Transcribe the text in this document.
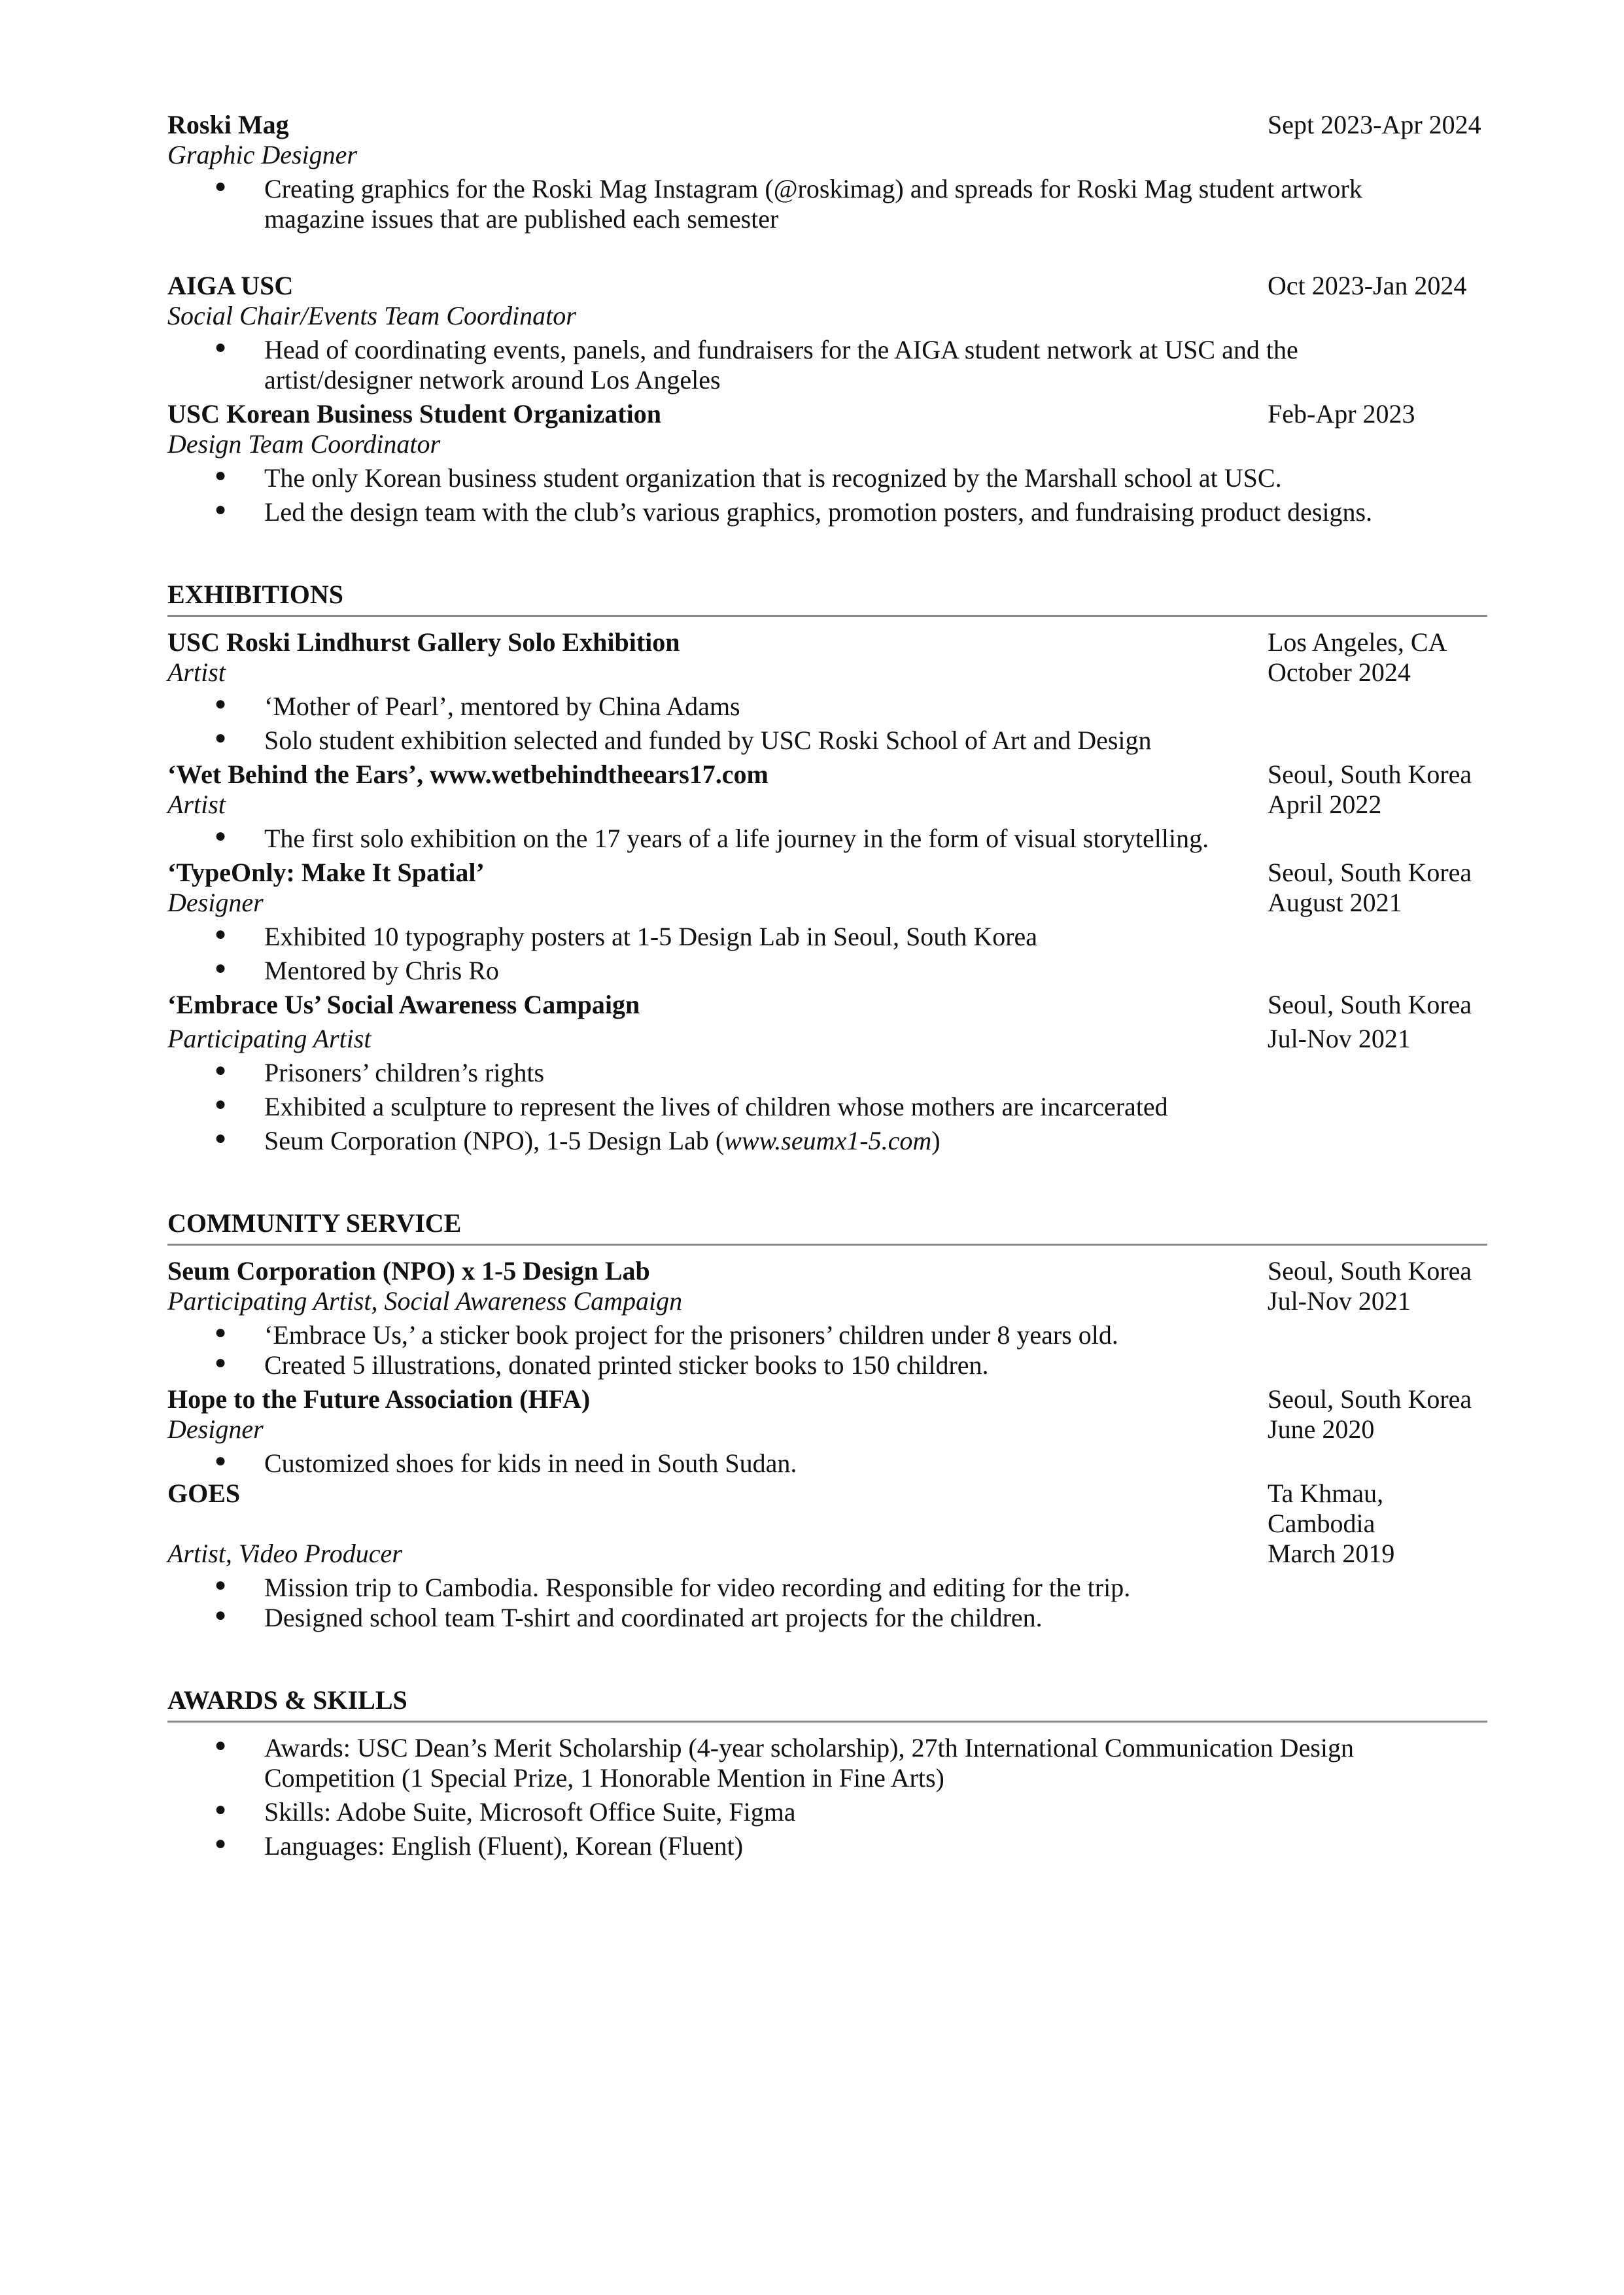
Roski Mag	Sept 2023-Apr 2024
Graphic Designer
● Creating graphics for the Roski Mag Instagram (@roskimag) and spreads for Roski Mag student artwork magazine issues that are published each semester
AIGA USC	Oct 2023-Jan 2024
Social Chair/Events Team Coordinator
● Head of coordinating events, panels, and fundraisers for the AIGA student network at USC and the artist/designer network around Los Angeles
USC Korean Business Student Organization	Feb-Apr 2023
Design Team Coordinator
● The only Korean business student organization that is recognized by the Marshall school at USC.
● Led the design team with the club’s various graphics, promotion posters, and fundraising product designs.
EXHIBITIONS
USC Roski Lindhurst Gallery Solo Exhibition	Los Angeles, CA
Artist	October 2024
● ‘Mother of Pearl’, mentored by China Adams
● Solo student exhibition selected and funded by USC Roski School of Art and Design
‘Wet Behind the Ears’, www.wetbehindtheears17.com	Seoul, South Korea
Artist	April 2022
● The first solo exhibition on the 17 years of a life journey in the form of visual storytelling.
‘TypeOnly: Make It Spatial’	Seoul, South Korea
Designer	August 2021
● Exhibited 10 typography posters at 1-5 Design Lab in Seoul, South Korea
● Mentored by Chris Ro
‘Embrace Us’ Social Awareness Campaign	Seoul, South Korea
Participating Artist	Jul-Nov 2021
● Prisoners’ children’s rights
● Exhibited a sculpture to represent the lives of children whose mothers are incarcerated
● Seum Corporation (NPO), 1-5 Design Lab (www.seumx1-5.com)
COMMUNITY SERVICE
Seum Corporation (NPO) x 1-5 Design Lab	Seoul, South Korea
Participating Artist, Social Awareness Campaign	Jul-Nov 2021
● ‘Embrace Us,’ a sticker book project for the prisoners’ children under 8 years old.
● Created 5 illustrations, donated printed sticker books to 150 children.
Hope to the Future Association (HFA)	Seoul, South Korea
Designer	June 2020
● Customized shoes for kids in need in South Sudan.
GOES	Ta Khmau, Cambodia
Artist, Video Producer	March 2019
● Mission trip to Cambodia. Responsible for video recording and editing for the trip.
● Designed school team T-shirt and coordinated art projects for the children.
AWARDS & SKILLS
● Awards: USC Dean’s Merit Scholarship (4-year scholarship), 27th International Communication Design Competition (1 Special Prize, 1 Honorable Mention in Fine Arts)
● Skills: Adobe Suite, Microsoft Office Suite, Figma
● Languages: English (Fluent), Korean (Fluent)
